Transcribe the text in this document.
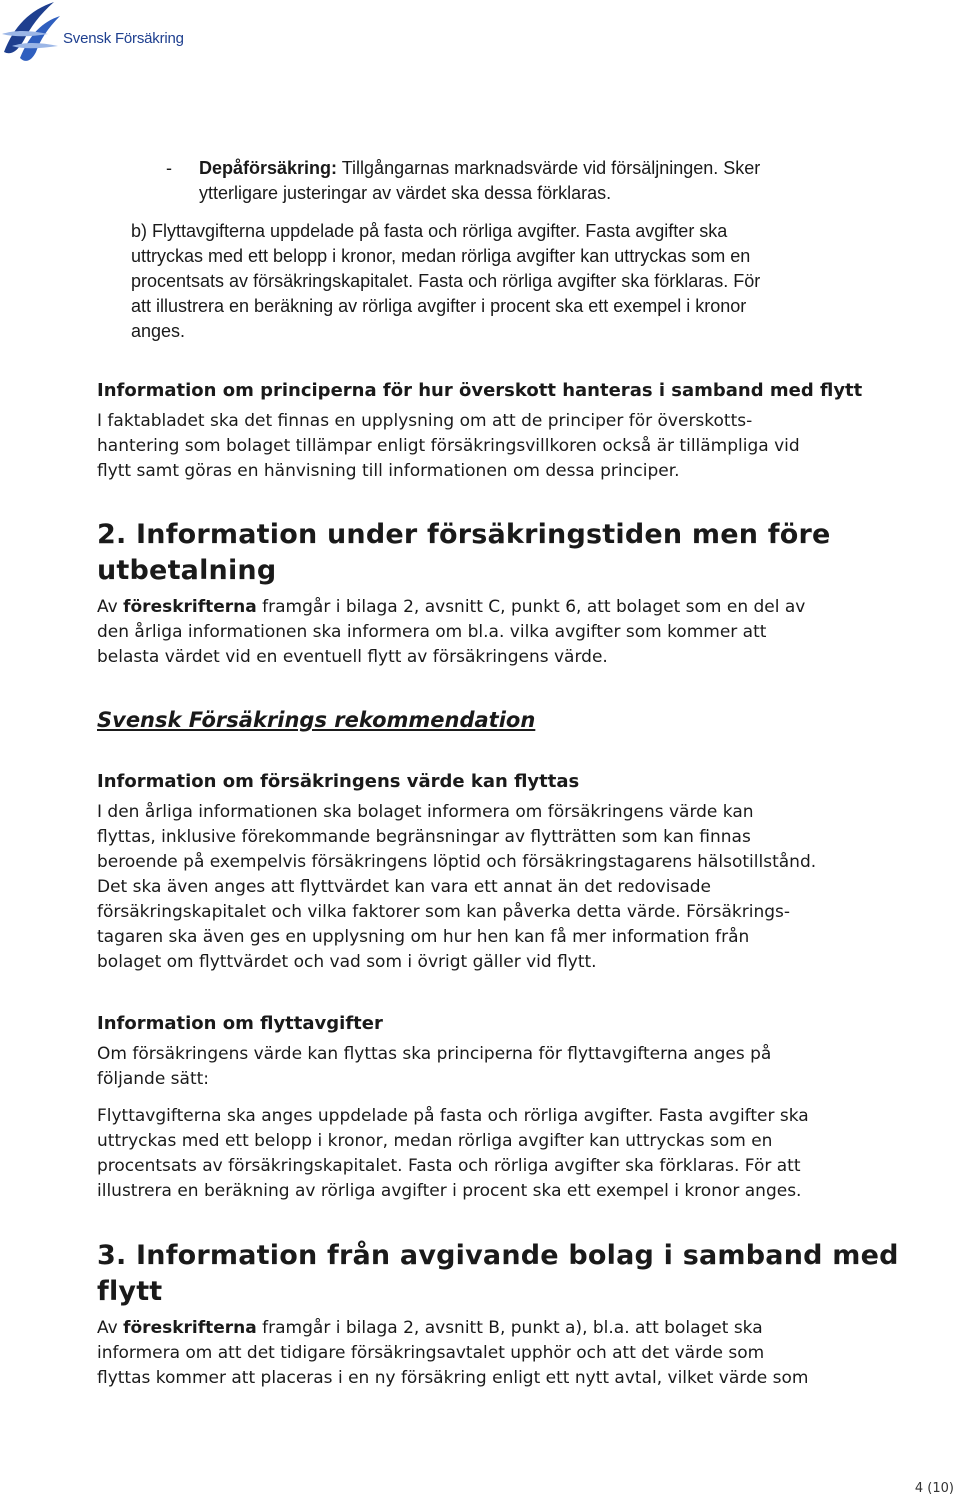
Svensk Försäkring
- Depåförsäkring: Tillgångarnas marknadsvärde vid försäljningen. Sker
ytterligare justeringar av värdet ska dessa förklaras.
b) Flyttavgifterna uppdelade på fasta och rörliga avgifter. Fasta avgifter ska
uttryckas med ett belopp i kronor, medan rörliga avgifter kan uttryckas som en
procentsats av försäkringskapitalet. Fasta och rörliga avgifter ska förklaras. För
att illustrera en beräkning av rörliga avgifter i procent ska ett exempel i kronor
anges.
Information om principerna för hur överskott hanteras i samband med flytt
I faktabladet ska det finnas en upplysning om att de principer för överskotts-
hantering som bolaget tillämpar enligt försäkringsvillkoren också är tillämpliga vid
flytt samt göras en hänvisning till informationen om dessa principer.
2. Information under försäkringstiden men före
utbetalning
Av föreskrifterna framgår i bilaga 2, avsnitt C, punkt 6, att bolaget som en del av
den årliga informationen ska informera om bl.a. vilka avgifter som kommer att
belasta värdet vid en eventuell flytt av försäkringens värde.
Svensk Försäkrings rekommendation
Information om försäkringens värde kan flyttas
I den årliga informationen ska bolaget informera om försäkringens värde kan
flyttas, inklusive förekommande begränsningar av flytträtten som kan finnas
beroende på exempelvis försäkringens löptid och försäkringstagarens hälsotillstånd.
Det ska även anges att flyttvärdet kan vara ett annat än det redovisade
försäkringskapitalet och vilka faktorer som kan påverka detta värde. Försäkrings-
tagaren ska även ges en upplysning om hur hen kan få mer information från
bolaget om flyttvärdet och vad som i övrigt gäller vid flytt.
Information om flyttavgifter
Om försäkringens värde kan flyttas ska principerna för flyttavgifterna anges på
följande sätt:
Flyttavgifterna ska anges uppdelade på fasta och rörliga avgifter. Fasta avgifter ska
uttryckas med ett belopp i kronor, medan rörliga avgifter kan uttryckas som en
procentsats av försäkringskapitalet. Fasta och rörliga avgifter ska förklaras. För att
illustrera en beräkning av rörliga avgifter i procent ska ett exempel i kronor anges.
3. Information från avgivande bolag i samband med
flytt
Av föreskrifterna framgår i bilaga 2, avsnitt B, punkt a), bl.a. att bolaget ska
informera om att det tidigare försäkringsavtalet upphör och att det värde som
flyttas kommer att placeras i en ny försäkring enligt ett nytt avtal, vilket värde som
4 (10)
